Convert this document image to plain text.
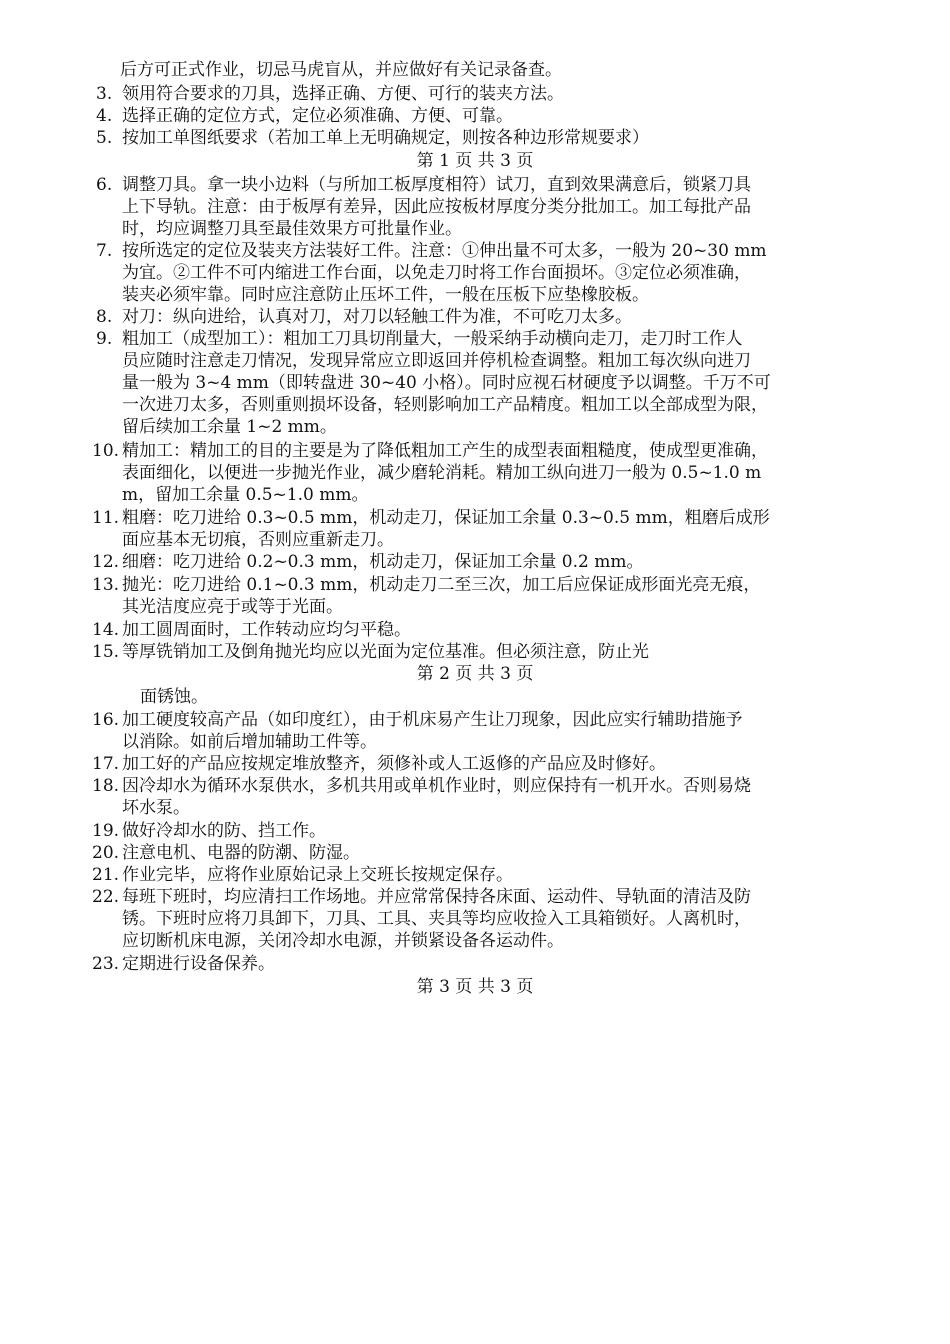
后方可正式作业，切忌马虎盲从，并应做好有关记录备查。
3. 领用符合要求的刀具，选择正确、方便、可行的装夹方法。
4. 选择正确的定位方式，定位必须准确、方便、可靠。
5. 按加工单图纸要求（若加工单上无明确规定，则按各种边形常规要求）
第 1 页 共 3 页
6. 调整刀具。拿一块小边料（与所加工板厚度相符）试刀，直到效果满意后，锁紧刀具
上下导轨。注意：由于板厚有差异，因此应按板材厚度分类分批加工。加工每批产品
时，均应调整刀具至最佳效果方可批量作业。
7. 按所选定的定位及装夹方法装好工件。注意：①伸出量不可太多，一般为 20~30 mm
为宜。②工件不可内缩进工作台面，以免走刀时将工作台面损坏。③定位必须准确，
装夹必须牢靠。同时应注意防止压坏工件，一般在压板下应垫橡胶板。
8. 对刀：纵向进给，认真对刀，对刀以轻触工件为准，不可吃刀太多。
9. 粗加工（成型加工）：粗加工刀具切削量大，一般采纳手动横向走刀，走刀时工作人
员应随时注意走刀情况，发现异常应立即返回并停机检查调整。粗加工每次纵向进刀
量一般为 3~4 mm（即转盘进 30~40 小格）。同时应视石材硬度予以调整。千万不可
一次进刀太多，否则重则损坏设备，轻则影响加工产品精度。粗加工以全部成型为限，
留后续加工余量 1~2 mm。
10. 精加工：精加工的目的主要是为了降低粗加工产生的成型表面粗糙度，使成型更准确，
表面细化，以便进一步抛光作业，减少磨轮消耗。精加工纵向进刀一般为 0.5~1.0 m
m，留加工余量 0.5~1.0 mm。
11. 粗磨：吃刀进给 0.3~0.5 mm，机动走刀，保证加工余量 0.3~0.5 mm，粗磨后成形
面应基本无切痕，否则应重新走刀。
12. 细磨：吃刀进给 0.2~0.3 mm，机动走刀，保证加工余量 0.2 mm。
13. 抛光：吃刀进给 0.1~0.3 mm，机动走刀二至三次，加工后应保证成形面光亮无痕，
其光洁度应亮于或等于光面。
14. 加工圆周面时，工作转动应均匀平稳。
15. 等厚铣销加工及倒角抛光均应以光面为定位基准。但必须注意，防止光
第 2 页 共 3 页
面锈蚀。
16. 加工硬度较高产品（如印度红），由于机床易产生让刀现象，因此应实行辅助措施予
以消除。如前后增加辅助工件等。
17. 加工好的产品应按规定堆放整齐，须修补或人工返修的产品应及时修好。
18. 因冷却水为循环水泵供水，多机共用或单机作业时，则应保持有一机开水。否则易烧
坏水泵。
19. 做好冷却水的防、挡工作。
20. 注意电机、电器的防潮、防湿。
21. 作业完毕，应将作业原始记录上交班长按规定保存。
22. 每班下班时，均应清扫工作场地。并应常常保持各床面、运动件、导轨面的清洁及防
锈。下班时应将刀具卸下，刀具、工具、夹具等均应收捡入工具箱锁好。人离机时，
应切断机床电源，关闭冷却水电源，并锁紧设备各运动件。
23. 定期进行设备保养。
第 3 页 共 3 页
